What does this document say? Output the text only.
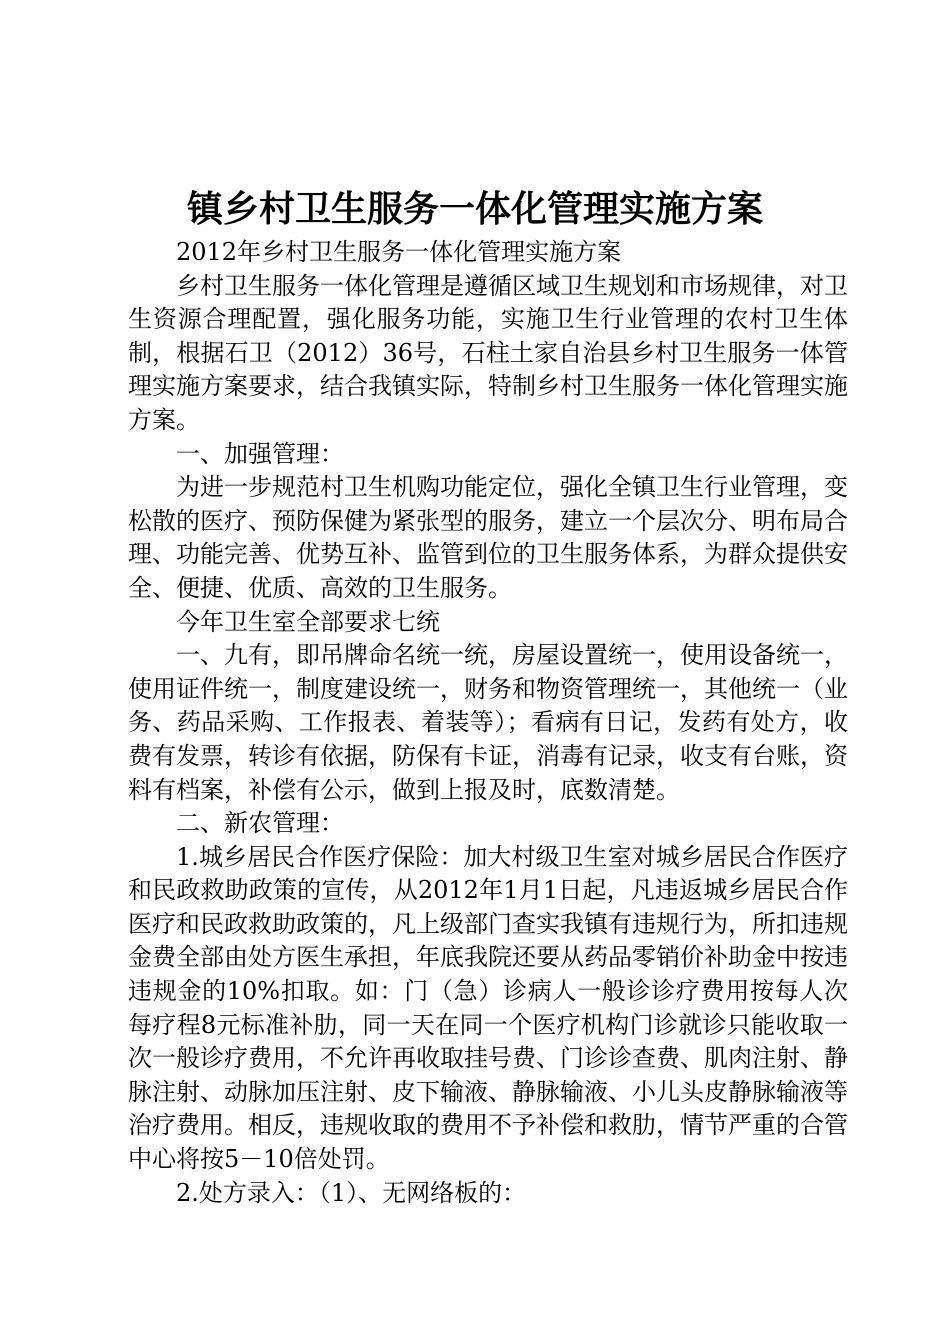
镇乡村卫生服务一体化管理实施方案

2012年乡村卫生服务一体化管理实施方案

乡村卫生服务一体化管理是遵循区域卫生规划和市场规律，对卫生资源合理配置，强化服务功能，实施卫生行业管理的农村卫生体制，根据石卫（2012）36号，石柱土家自治县乡村卫生服务一体管理实施方案要求，结合我镇实际，特制乡村卫生服务一体化管理实施方案。

一、加强管理：

为进一步规范村卫生机购功能定位，强化全镇卫生行业管理，变松散的医疗、预防保健为紧张型的服务，建立一个层次分、明布局合理、功能完善、优势互补、监管到位的卫生服务体系，为群众提供安全、便捷、优质、高效的卫生服务。

今年卫生室全部要求七统

一、九有，即吊牌命名统一统，房屋设置统一，使用设备统一，使用证件统一，制度建设统一，财务和物资管理统一，其他统一（业务、药品采购、工作报表、着装等）；看病有日记，发药有处方，收费有发票，转诊有依据，防保有卡证，消毒有记录，收支有台账，资料有档案，补偿有公示，做到上报及时，底数清楚。

二、新农管理：

1.城乡居民合作医疗保险：加大村级卫生室对城乡居民合作医疗和民政救助政策的宣传，从2012年1月1日起，凡违返城乡居民合作医疗和民政救助政策的，凡上级部门查实我镇有违规行为，所扣违规金费全部由处方医生承担，年底我院还要从药品零销价补助金中按违违规金的10%扣取。如：门（急）诊病人一般诊诊疗费用按每人次每疗程8元标准补肋，同一天在同一个医疗机构门诊就诊只能收取一次一般诊疗费用，不允许再收取挂号费、门诊诊查费、肌肉注射、静脉注射、动脉加压注射、皮下输液、静脉输液、小儿头皮静脉输液等治疗费用。相反，违规收取的费用不予补偿和救肋，情节严重的合管中心将按5－10倍处罚。

2.处方录入：（1）、无网络板的：
